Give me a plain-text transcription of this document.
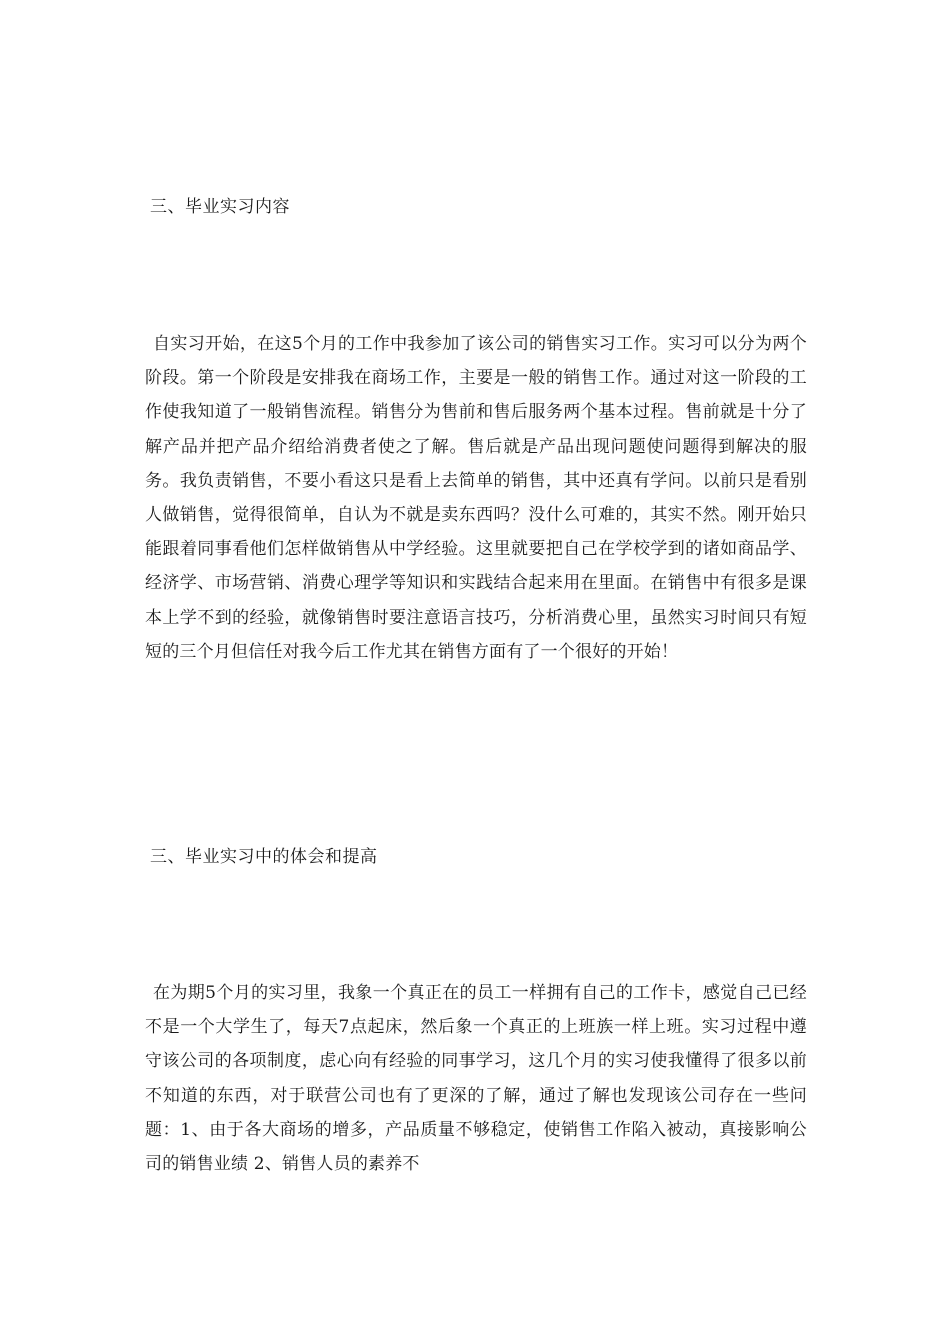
三、毕业实习内容

自实习开始，在这5个月的工作中我参加了该公司的销售实习工作。实习可以分为两个阶段。第一个阶段是安排我在商场工作，主要是一般的销售工作。通过对这一阶段的工作使我知道了一般销售流程。销售分为售前和售后服务两个基本过程。售前就是十分了解产品并把产品介绍给消费者使之了解。售后就是产品出现问题使问题得到解决的服务。我负责销售，不要小看这只是看上去简单的销售，其中还真有学问。以前只是看别人做销售，觉得很简单，自认为不就是卖东西吗？没什么可难的，其实不然。刚开始只能跟着同事看他们怎样做销售从中学经验。这里就要把自己在学校学到的诸如商品学、经济学、市场营销、消费心理学等知识和实践结合起来用在里面。在销售中有很多是课本上学不到的经验，就像销售时要注意语言技巧，分析消费心里，虽然实习时间只有短短的三个月但信任对我今后工作尤其在销售方面有了一个很好的开始！

三、毕业实习中的体会和提高

在为期5个月的实习里，我象一个真正在的员工一样拥有自己的工作卡，感觉自己已经不是一个大学生了，每天7点起床，然后象一个真正的上班族一样上班。实习过程中遵守该公司的各项制度，虑心向有经验的同事学习，这几个月的实习使我懂得了很多以前不知道的东西，对于联营公司也有了更深的了解，通过了解也发现该公司存在一些问题：1、由于各大商场的增多，产品质量不够稳定，使销售工作陷入被动，真接影响公司的销售业绩 2、销售人员的素养不
